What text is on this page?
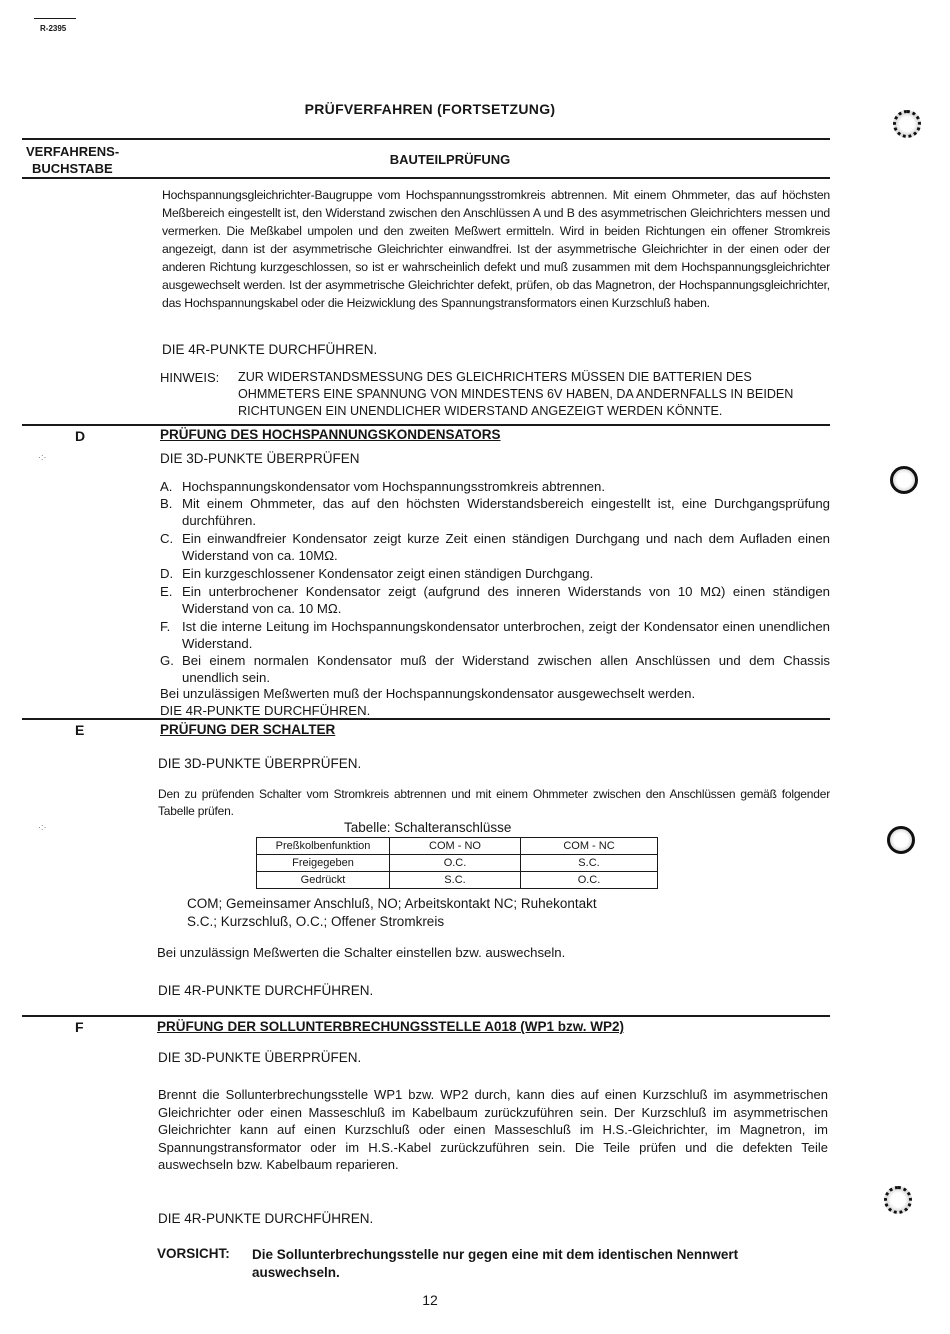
R-2395
PRÜFVERFAHREN (FORTSETZUNG)
VERFAHRENS-
BUCHSTABE
BAUTEILPRÜFUNG
Hochspannungsgleichrichter-Baugruppe vom Hochspannungsstromkreis abtrennen. Mit einem Ohmmeter, das auf höchsten Meßbereich eingestellt ist, den Widerstand zwischen den Anschlüssen A und B des asymmetrischen Gleichrichters messen und vermerken. Die Meßkabel umpolen und den zweiten Meßwert ermitteln. Wird in beiden Richtungen ein offener Stromkreis angezeigt, dann ist der asymmetrische Gleichrichter einwandfrei. Ist der asymmetrische Gleichrichter in der einen oder der anderen Richtung kurzgeschlossen, so ist er wahrscheinlich defekt und muß zusammen mit dem Hochspannungsgleichrichter ausgewechselt werden. Ist der asymmetrische Gleichrichter defekt, prüfen, ob das Magnetron, der Hochspannungsgleichrichter, das Hochspannungskabel oder die Heizwicklung des Spannungstransformators einen Kurzschluß haben.
DIE 4R-PUNKTE DURCHFÜHREN.
HINWEIS: ZUR WIDERSTANDSMESSUNG DES GLEICHRICHTERS MÜSSEN DIE BATTERIEN DES OHMMETERS EINE SPANNUNG VON MINDESTENS 6V HABEN, DA ANDERNFALLS IN BEIDEN RICHTUNGEN EIN UNENDLICHER WIDERSTAND ANGEZEIGT WERDEN KÖNNTE.
D	PRÜFUNG DES HOCHSPANNUNGSKONDENSATORS
DIE 3D-PUNKTE ÜBERPRÜFEN
A. Hochspannungskondensator vom Hochspannungsstromkreis abtrennen.
B. Mit einem Ohmmeter, das auf den höchsten Widerstandsbereich eingestellt ist, eine Durchgangsprüfung durchführen.
C. Ein einwandfreier Kondensator zeigt kurze Zeit einen ständigen Durchgang und nach dem Aufladen einen Widerstand von ca. 10MΩ.
D. Ein kurzgeschlossener Kondensator zeigt einen ständigen Durchgang.
E. Ein unterbrochener Kondensator zeigt (aufgrund des inneren Widerstands von 10 MΩ) einen ständigen Widerstand von ca. 10 MΩ.
F. Ist die interne Leitung im Hochspannungskondensator unterbrochen, zeigt der Kondensator einen unendlichen Widerstand.
G. Bei einem normalen Kondensator muß der Widerstand zwischen allen Anschlüssen und dem Chassis unendlich sein.
Bei unzulässigen Meßwerten muß der Hochspannungskondensator ausgewechselt werden.
DIE 4R-PUNKTE DURCHFÜHREN.
E	PRÜFUNG DER SCHALTER
DIE 3D-PUNKTE ÜBERPRÜFEN.
Den zu prüfenden Schalter vom Stromkreis abtrennen und mit einem Ohmmeter zwischen den Anschlüssen gemäß folgender Tabelle prüfen.
Tabelle: Schalteranschlüsse
Preßkolbenfunktion	COM - NO	COM - NC
Freigegeben	O.C.	S.C.
Gedrückt	S.C.	O.C.
COM; Gemeinsamer Anschluß, NO; Arbeitskontakt NC; Ruhekontakt
S.C.; Kurzschluß, O.C.; Offener Stromkreis
Bei unzulässign Meßwerten die Schalter einstellen bzw. auswechseln.
DIE 4R-PUNKTE DURCHFÜHREN.
F	PRÜFUNG DER SOLLUNTERBRECHUNGSSTELLE A018 (WP1 bzw. WP2)
DIE 3D-PUNKTE ÜBERPRÜFEN.
Brennt die Sollunterbrechungsstelle WP1 bzw. WP2 durch, kann dies auf einen Kurzschluß im asymmetrischen Gleichrichter oder einen Masseschluß im Kabelbaum zurückzuführen sein. Der Kurzschluß im asymmetrischen Gleichrichter kann auf einen Kurzschluß oder einen Masseschluß im H.S.-Gleichrichter, im Magnetron, im Spannungstransformator oder im H.S.-Kabel zurückzuführen sein. Die Teile prüfen und die defekten Teile auswechseln bzw. Kabelbaum reparieren.
DIE 4R-PUNKTE DURCHFÜHREN.
VORSICHT: Die Sollunterbrechungsstelle nur gegen eine mit dem identischen Nennwert auswechseln.
12
·:·
·:·
